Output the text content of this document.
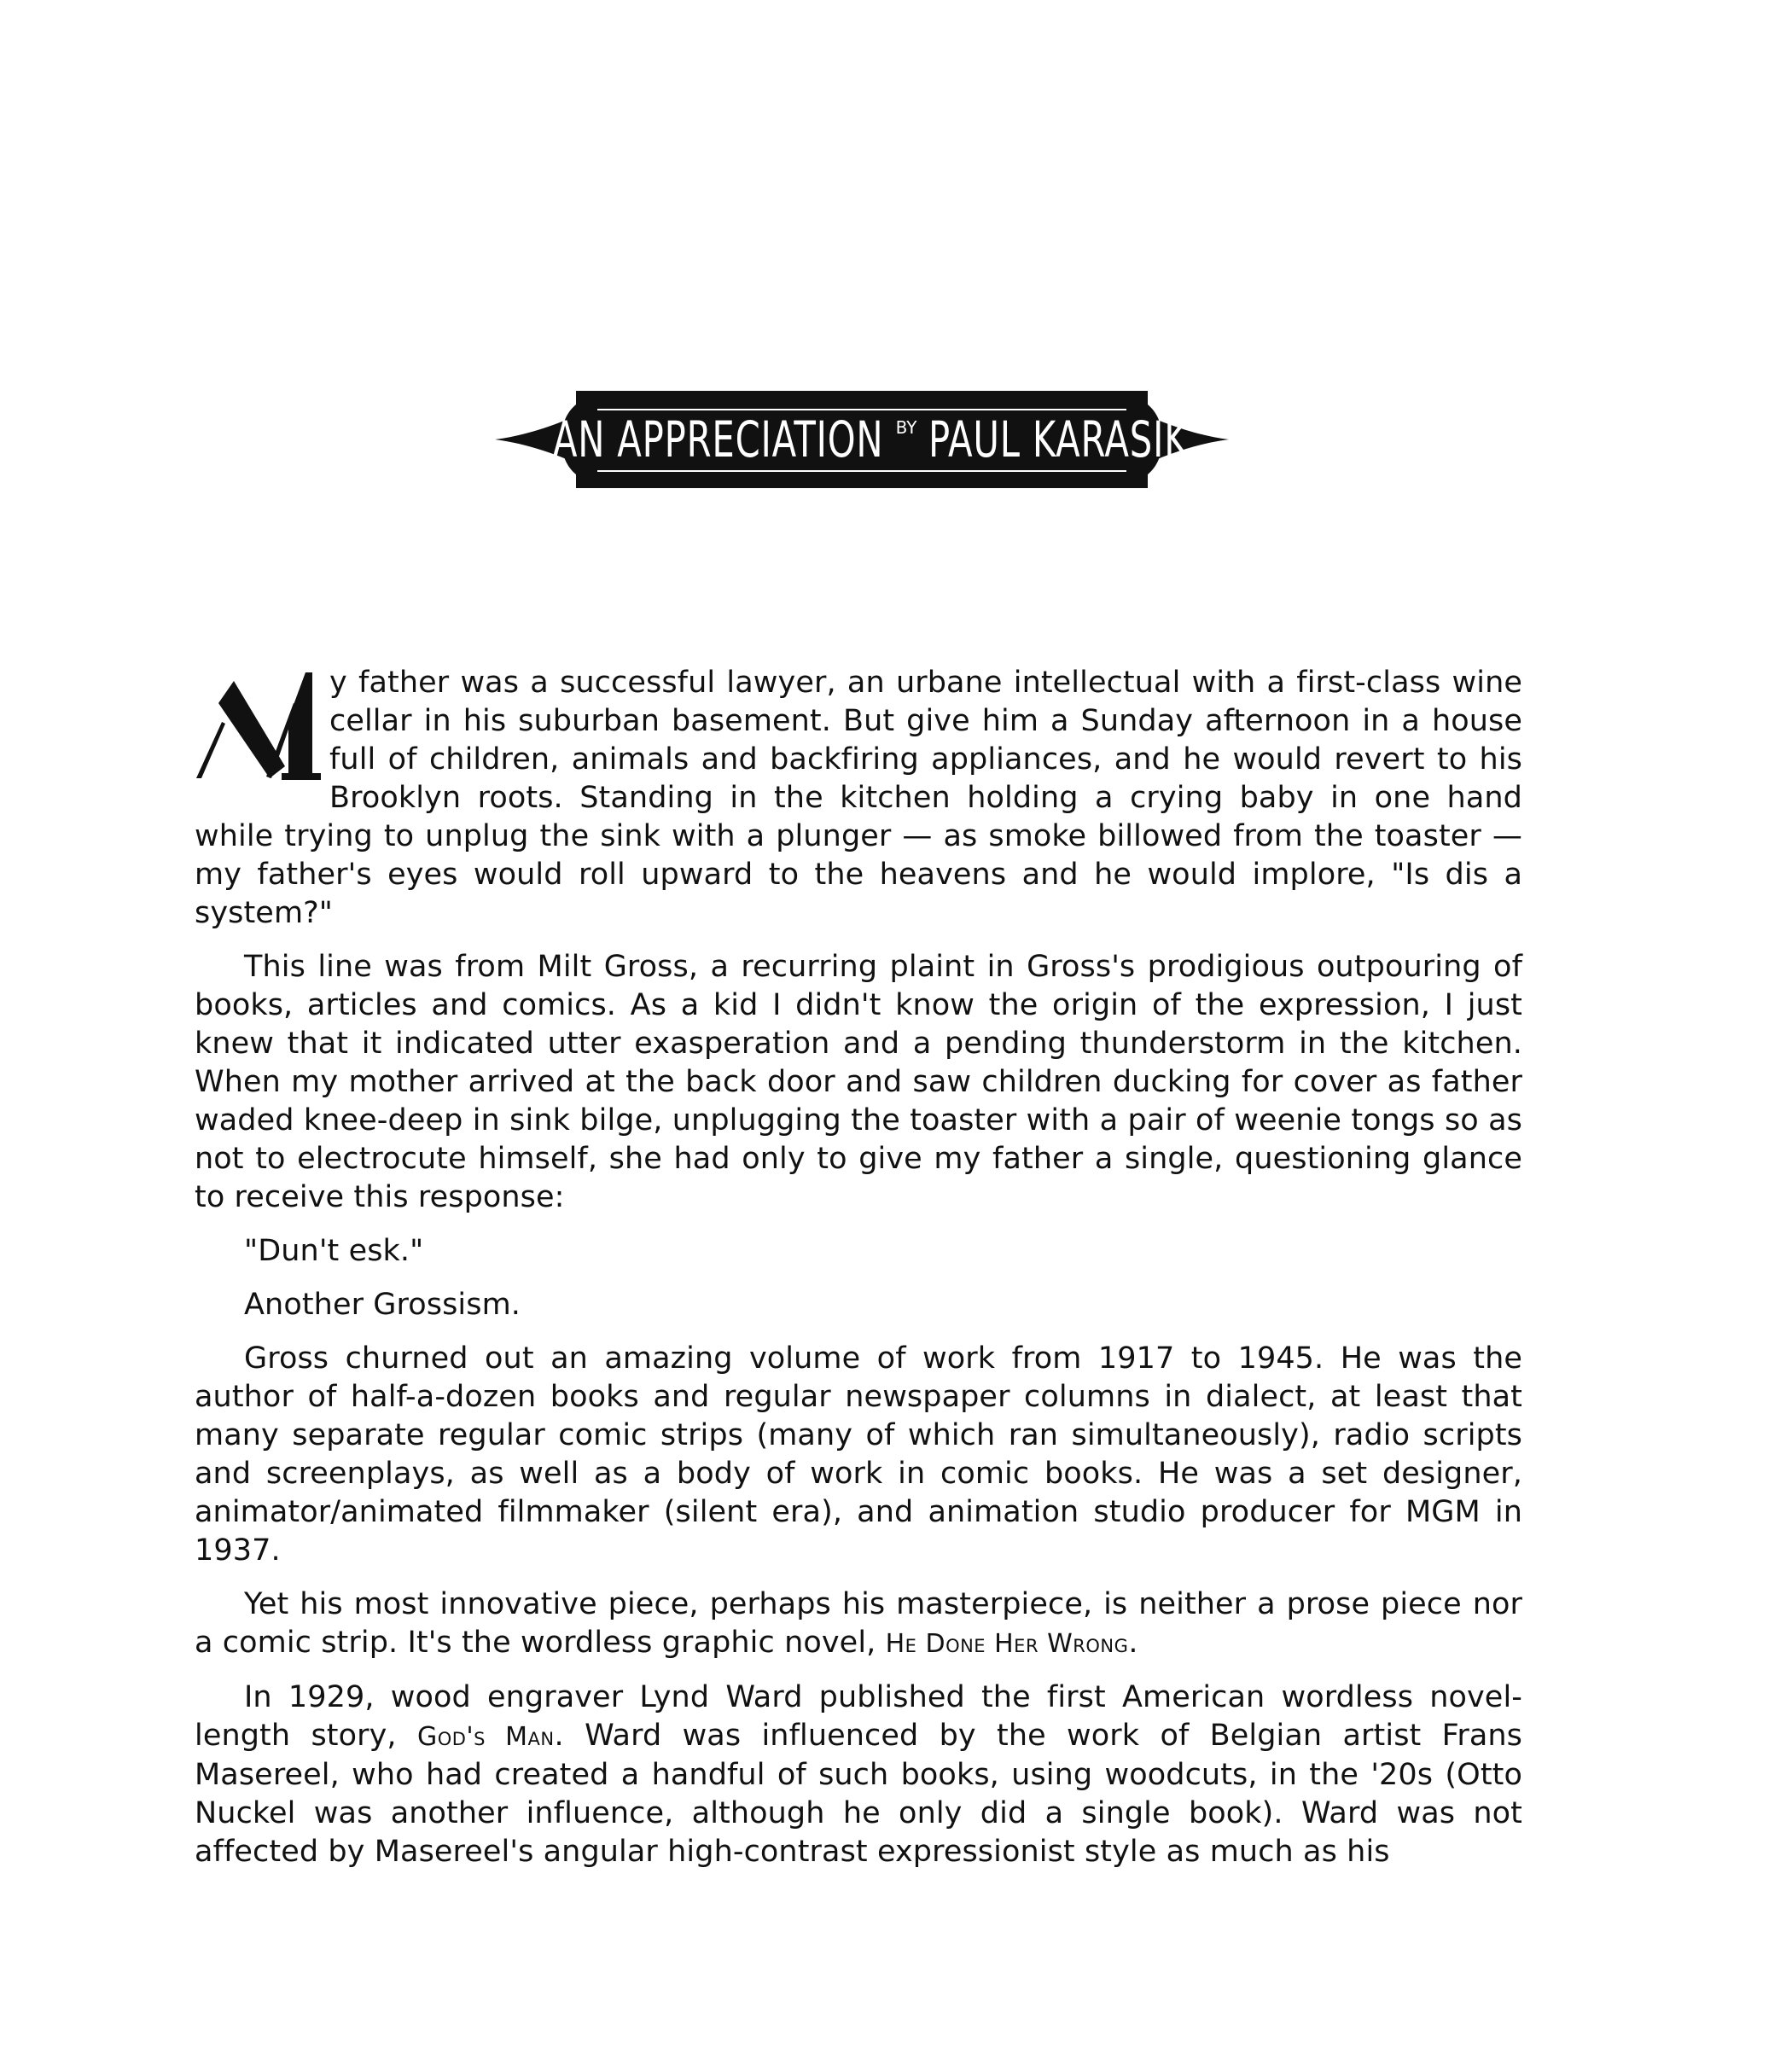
AN APPRECIATION BY PAUL KARASIK

y father was a successful lawyer, an urbane intellectual with a first-class wine cellar in his suburban basement. But give him a Sunday afternoon in a house full of children, animals and backfiring appliances, and he would revert to his Brooklyn roots. Standing in the kitchen holding a crying baby in one hand while trying to unplug the sink with a plunger — as smoke billowed from the toaster — my father's eyes would roll upward to the heavens and he would implore, "Is dis a system?"

This line was from Milt Gross, a recurring plaint in Gross's prodigious outpouring of books, articles and comics. As a kid I didn't know the origin of the expression, I just knew that it indicated utter exasperation and a pending thunderstorm in the kitchen. When my mother arrived at the back door and saw children ducking for cover as father waded knee-deep in sink bilge, unplugging the toaster with a pair of weenie tongs so as not to electrocute himself, she had only to give my father a single, questioning glance to receive this response:

"Dun't esk."

Another Grossism.

Gross churned out an amazing volume of work from 1917 to 1945. He was the author of half-a-dozen books and regular newspaper columns in dialect, at least that many separate regular comic strips (many of which ran simultaneously), radio scripts and screenplays, as well as a body of work in comic books. He was a set designer, animator/animated filmmaker (silent era), and animation studio producer for MGM in 1937.

Yet his most innovative piece, perhaps his masterpiece, is neither a prose piece nor a comic strip. It's the wordless graphic novel, He Done Her Wrong.

In 1929, wood engraver Lynd Ward published the first American wordless novel-length story, God's Man. Ward was influenced by the work of Belgian artist Frans Masereel, who had created a handful of such books, using woodcuts, in the '20s (Otto Nuckel was another influence, although he only did a single book). Ward was not affected by Masereel's angular high-contrast expressionist style as much as his
